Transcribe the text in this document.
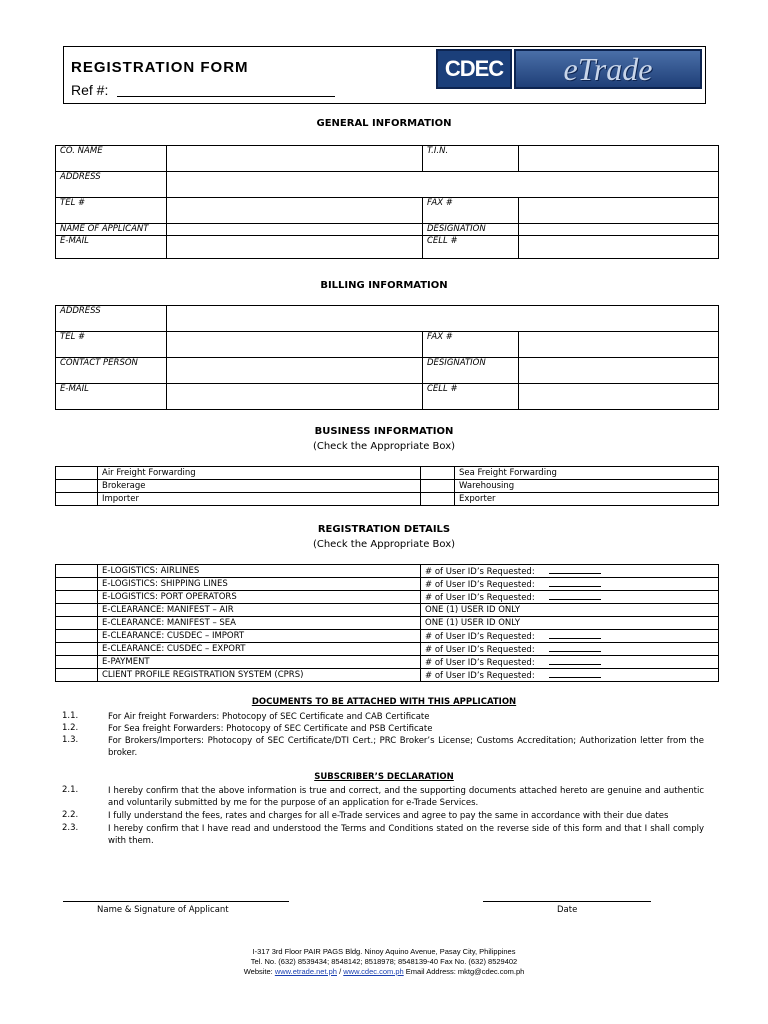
REGISTRATION FORM
Ref #:
CDEC	eTrade
GENERAL INFORMATION
CO. NAME		T.I.N.	
ADDRESS			
TEL #		FAX #	
NAME OF APPLICANT		DESIGNATION	
E-MAIL		CELL #	
BILLING INFORMATION
ADDRESS			
TEL #		FAX #	
CONTACT PERSON		DESIGNATION	
E-MAIL		CELL #	
BUSINESS INFORMATION
(Check the Appropriate Box)
	Air Freight Forwarding		Sea Freight Forwarding
	Brokerage		Warehousing
	Importer		Exporter
REGISTRATION DETAILS
(Check the Appropriate Box)
	E-LOGISTICS: AIRLINES	# of User ID’s Requested:
	E-LOGISTICS: SHIPPING LINES	# of User ID’s Requested:
	E-LOGISTICS: PORT OPERATORS	# of User ID’s Requested:
	E-CLEARANCE: MANIFEST – AIR	ONE (1) USER ID ONLY
	E-CLEARANCE: MANIFEST – SEA	ONE (1) USER ID ONLY
	E-CLEARANCE: CUSDEC – IMPORT	# of User ID’s Requested:
	E-CLEARANCE: CUSDEC – EXPORT	# of User ID’s Requested:
	E-PAYMENT	# of User ID’s Requested:
	CLIENT PROFILE REGISTRATION SYSTEM (CPRS)	# of User ID’s Requested:
DOCUMENTS TO BE ATTACHED WITH THIS APPLICATION
1.1.	For Air freight Forwarders: Photocopy of SEC Certificate and CAB Certificate
1.2.	For Sea freight Forwarders: Photocopy of SEC Certificate and PSB Certificate
1.3.	For Brokers/Importers: Photocopy of SEC Certificate/DTI Cert.; PRC Broker’s License; Customs Accreditation; Authorization letter from the broker.
SUBSCRIBER’S DECLARATION
2.1.	I hereby confirm that the above information is true and correct, and the supporting documents attached hereto are genuine and authentic and voluntarily submitted by me for the purpose of an application for e-Trade Services.
2.2.	I fully understand the fees, rates and charges for all e-Trade services and agree to pay the same in accordance with their due dates
2.3.	I hereby confirm that I have read and understood the Terms and Conditions stated on the reverse side of this form and that I shall comply with them.
Name & Signature of Applicant	Date
I-317 3rd Floor PAIR PAGS Bldg. Ninoy Aquino Avenue, Pasay City, Philippines
Tel. No. (632) 8539434; 8548142; 8518978; 8548139-40 Fax No. (632) 8529402
Website: www.etrade.net.ph / www.cdec.com.ph Email Address: mktg@cdec.com.ph
